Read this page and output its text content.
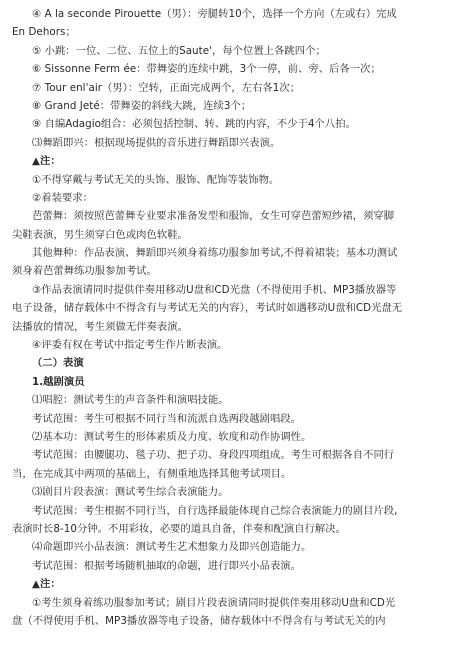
④ A la seconde Pirouette（男）：旁腿转10个，选择一个方向（左或右）完成
En Dehors；
⑤ 小跳：一位、二位、五位上的Saute'，每个位置上各跳四个；
⑥ Sissonne Ferm ée：带舞姿的连续中跳，3个一停，前、旁、后各一次；
⑦ Tour enl'air（男）：空转，正面完成两个，左右各1次；
⑧ Grand Jeté：带舞姿的斜线大跳，连续3个；
⑨ 自编Adagio组合：必须包括控制、转、跳的内容，不少于4个八拍。
⑶舞蹈即兴：根据现场提供的音乐进行舞蹈即兴表演。
▲注：
①不得穿戴与考试无关的头饰、服饰、配饰等装饰物。
②着装要求：
芭蕾舞：须按照芭蕾舞专业要求准备发型和服饰，女生可穿芭蕾短纱裙，须穿脚
尖鞋表演，男生须穿白色或肉色软鞋。
其他舞种：作品表演、舞蹈即兴须身着练功服参加考试,不得着裙装；基本功测试
须身着芭蕾舞练功服参加考试。
③作品表演请同时提供伴奏用移动U盘和CD光盘（不得使用手机、MP3播放器等
电子设备，储存载体中不得含有与考试无关的内容），考试时如遇移动U盘和CD光盘无
法播放的情况，考生须做无伴奏表演。
④评委有权在考试中指定考生作片断表演。
（二）表演
1.越剧演员
⑴唱腔：测试考生的声音条件和演唱技能。
考试范围：考生可根据不同行当和流派自选两段越剧唱段。
⑵基本功：测试考生的形体素质及力度、软度和动作协调性。
考试范围：由腰腿功、毯子功、把子功、身段四项组成。考生可根据各自不同行
当，在完成其中两项的基础上，有侧重地选择其他考试项目。
⑶剧目片段表演：测试考生综合表演能力。
考试范围：考生根据不同行当，自行选择最能体现自己综合表演能力的剧目片段,
表演时长8-10分钟。不用彩妆，必要的道具自备，伴奏和配演自行解决。
⑷命题即兴小品表演：测试考生艺术想象力及即兴创造能力。
考试范围：根据考场随机抽取的命题，进行即兴小品表演。
▲注：
①考生须身着练功服参加考试；剧目片段表演请同时提供伴奏用移动U盘和CD光
盘（不得使用手机、MP3播放器等电子设备，储存载体中不得含有与考试无关的内
